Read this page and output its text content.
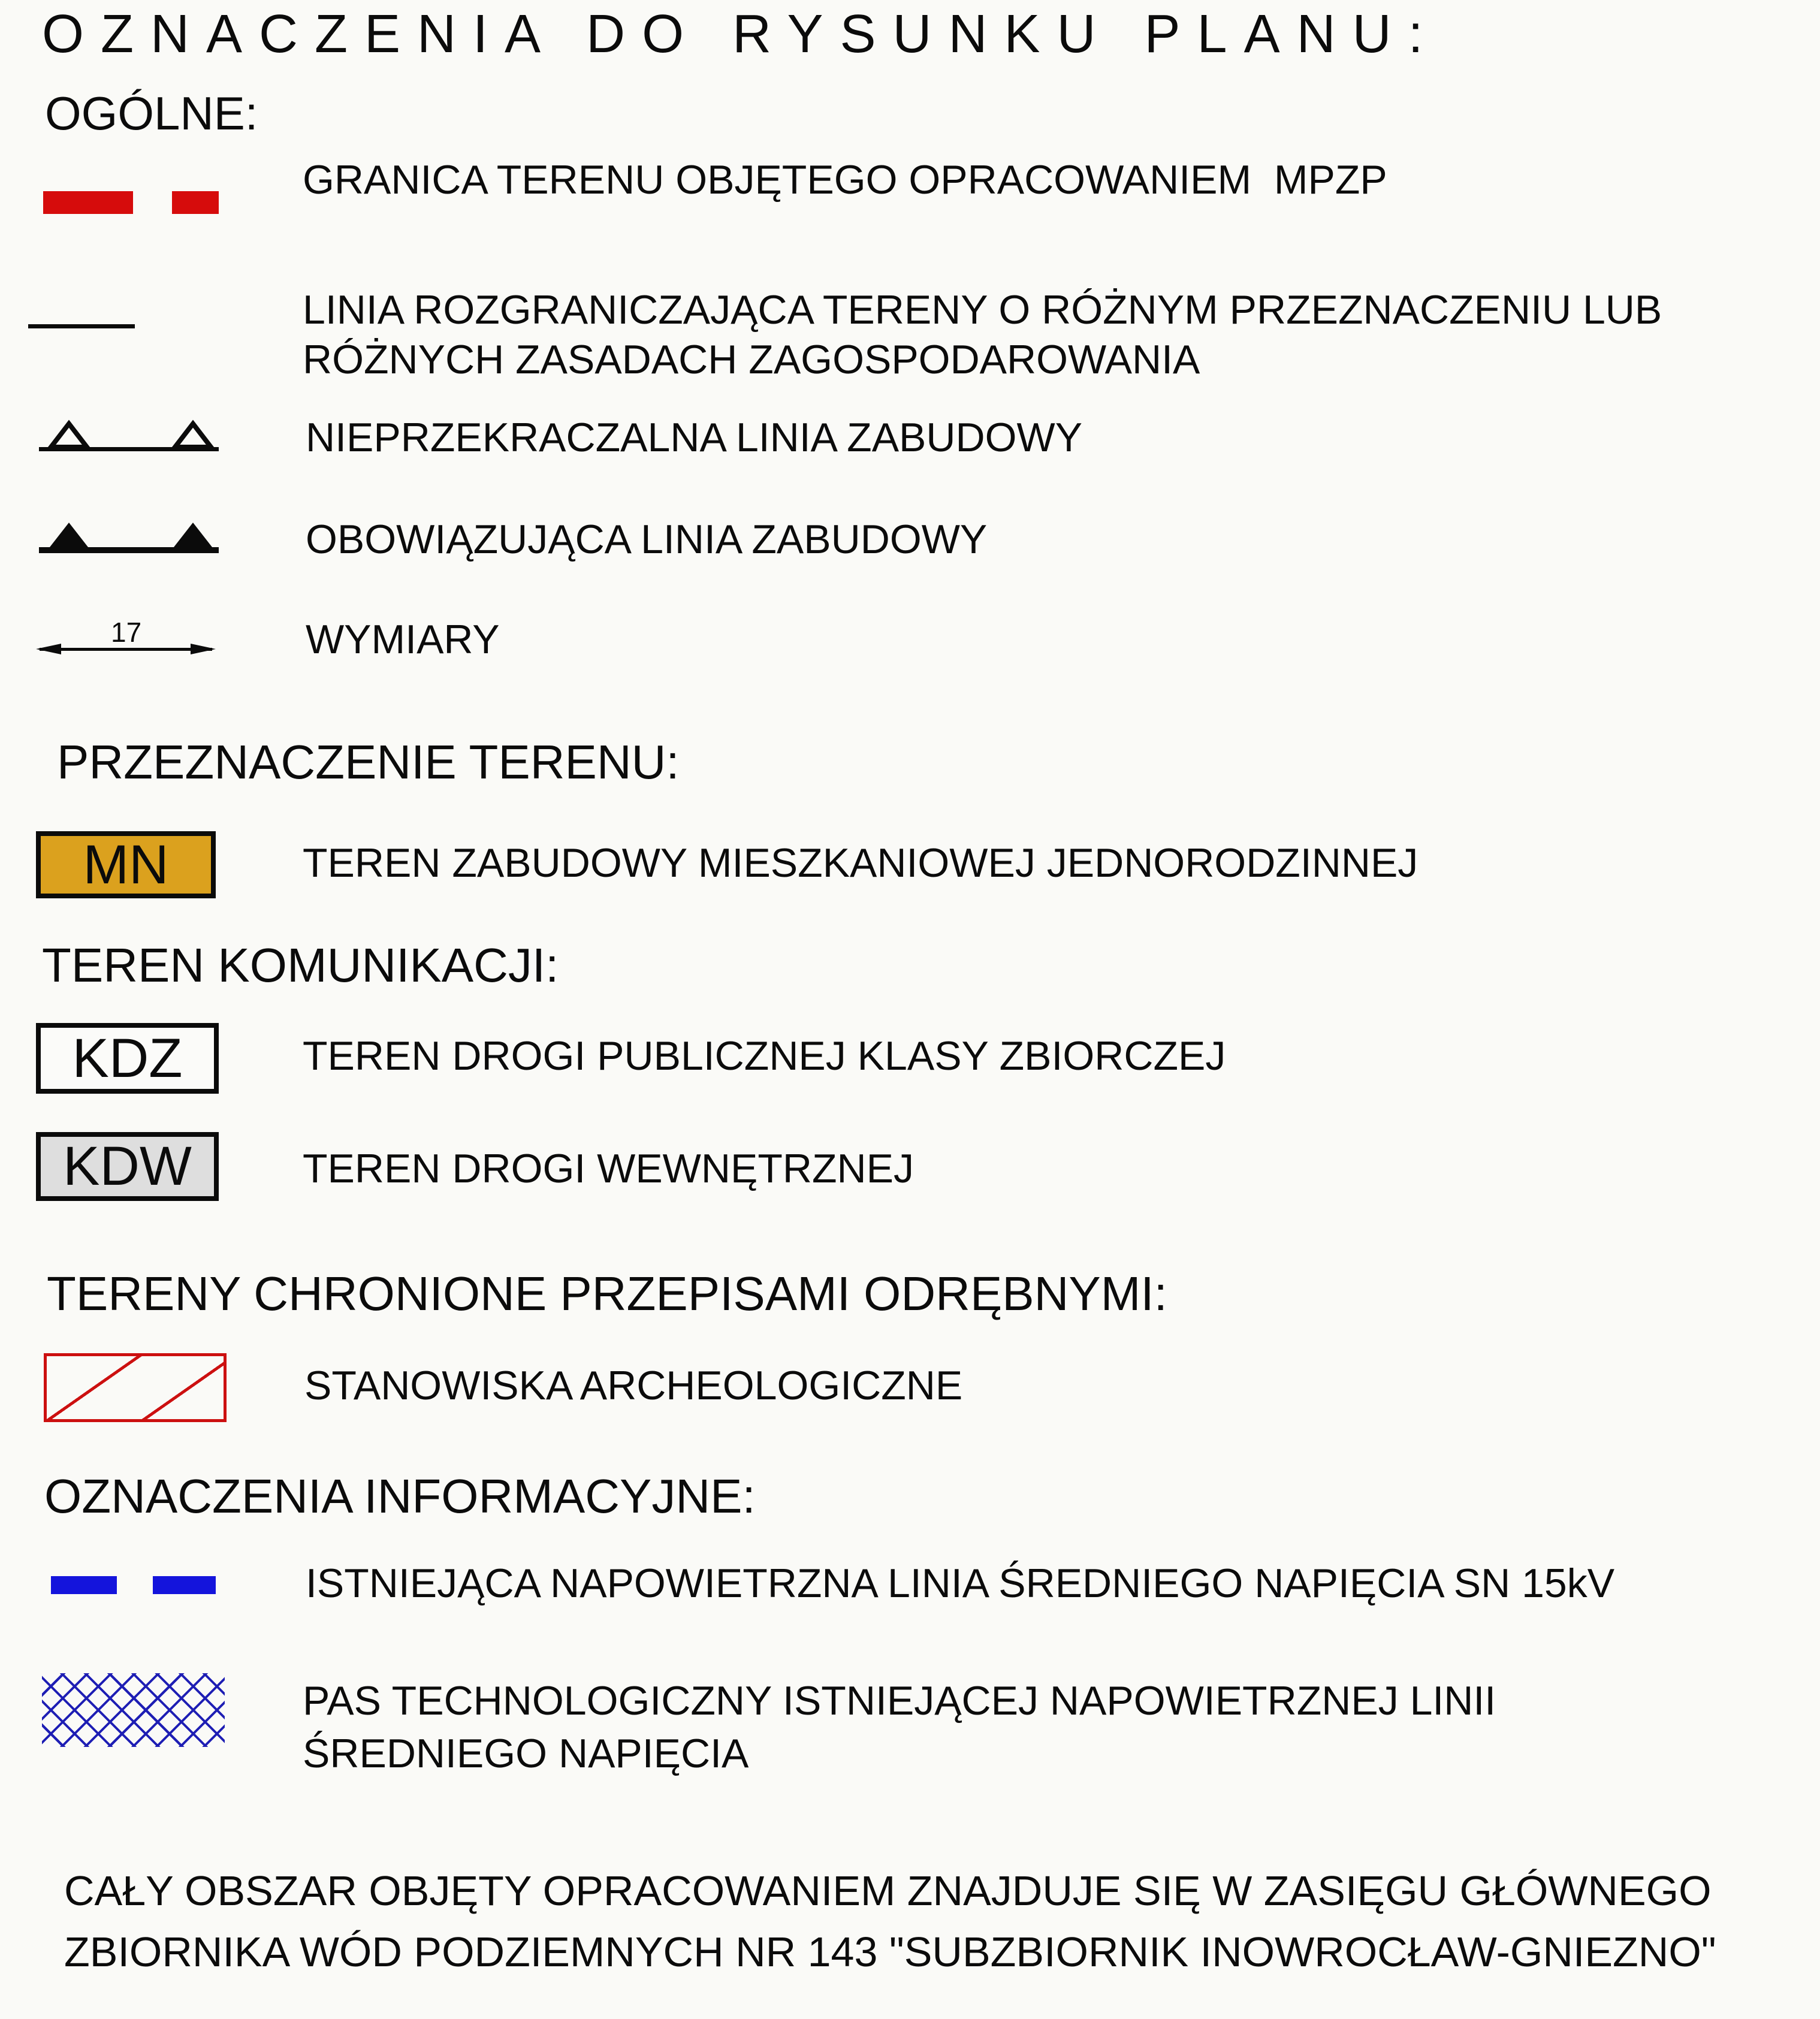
OZNACZENIA DO RYSUNKU PLANU:
OGÓLNE:
GRANICA TERENU OBJĘTEGO OPRACOWANIEM  MPZP
LINIA ROZGRANICZAJĄCA TERENY O RÓŻNYM PRZEZNACZENIU LUB RÓŻNYCH ZASADACH ZAGOSPODAROWANIA
NIEPRZEKRACZALNA LINIA ZABUDOWY
OBOWIĄZUJĄCA LINIA ZABUDOWY
17	WYMIARY
PRZEZNACZENIE TERENU:
MN	TEREN ZABUDOWY MIESZKANIOWEJ JEDNORODZINNEJ
TEREN KOMUNIKACJI:
KDZ	TEREN DROGI PUBLICZNEJ KLASY ZBIORCZEJ
KDW	TEREN DROGI WEWNĘTRZNEJ
TERENY CHRONIONE PRZEPISAMI ODRĘBNYMI:
STANOWISKA ARCHEOLOGICZNE
OZNACZENIA INFORMACYJNE:
ISTNIEJĄCA NAPOWIETRZNA LINIA ŚREDNIEGO NAPIĘCIA SN 15kV
PAS TECHNOLOGICZNY ISTNIEJĄCEJ NAPOWIETRZNEJ LINII ŚREDNIEGO NAPIĘCIA
CAŁY OBSZAR OBJĘTY OPRACOWANIEM ZNAJDUJE SIĘ W ZASIĘGU GŁÓWNEGO ZBIORNIKA WÓD PODZIEMNYCH NR 143 "SUBZBIORNIK INOWROCŁAW-GNIEZNO"
